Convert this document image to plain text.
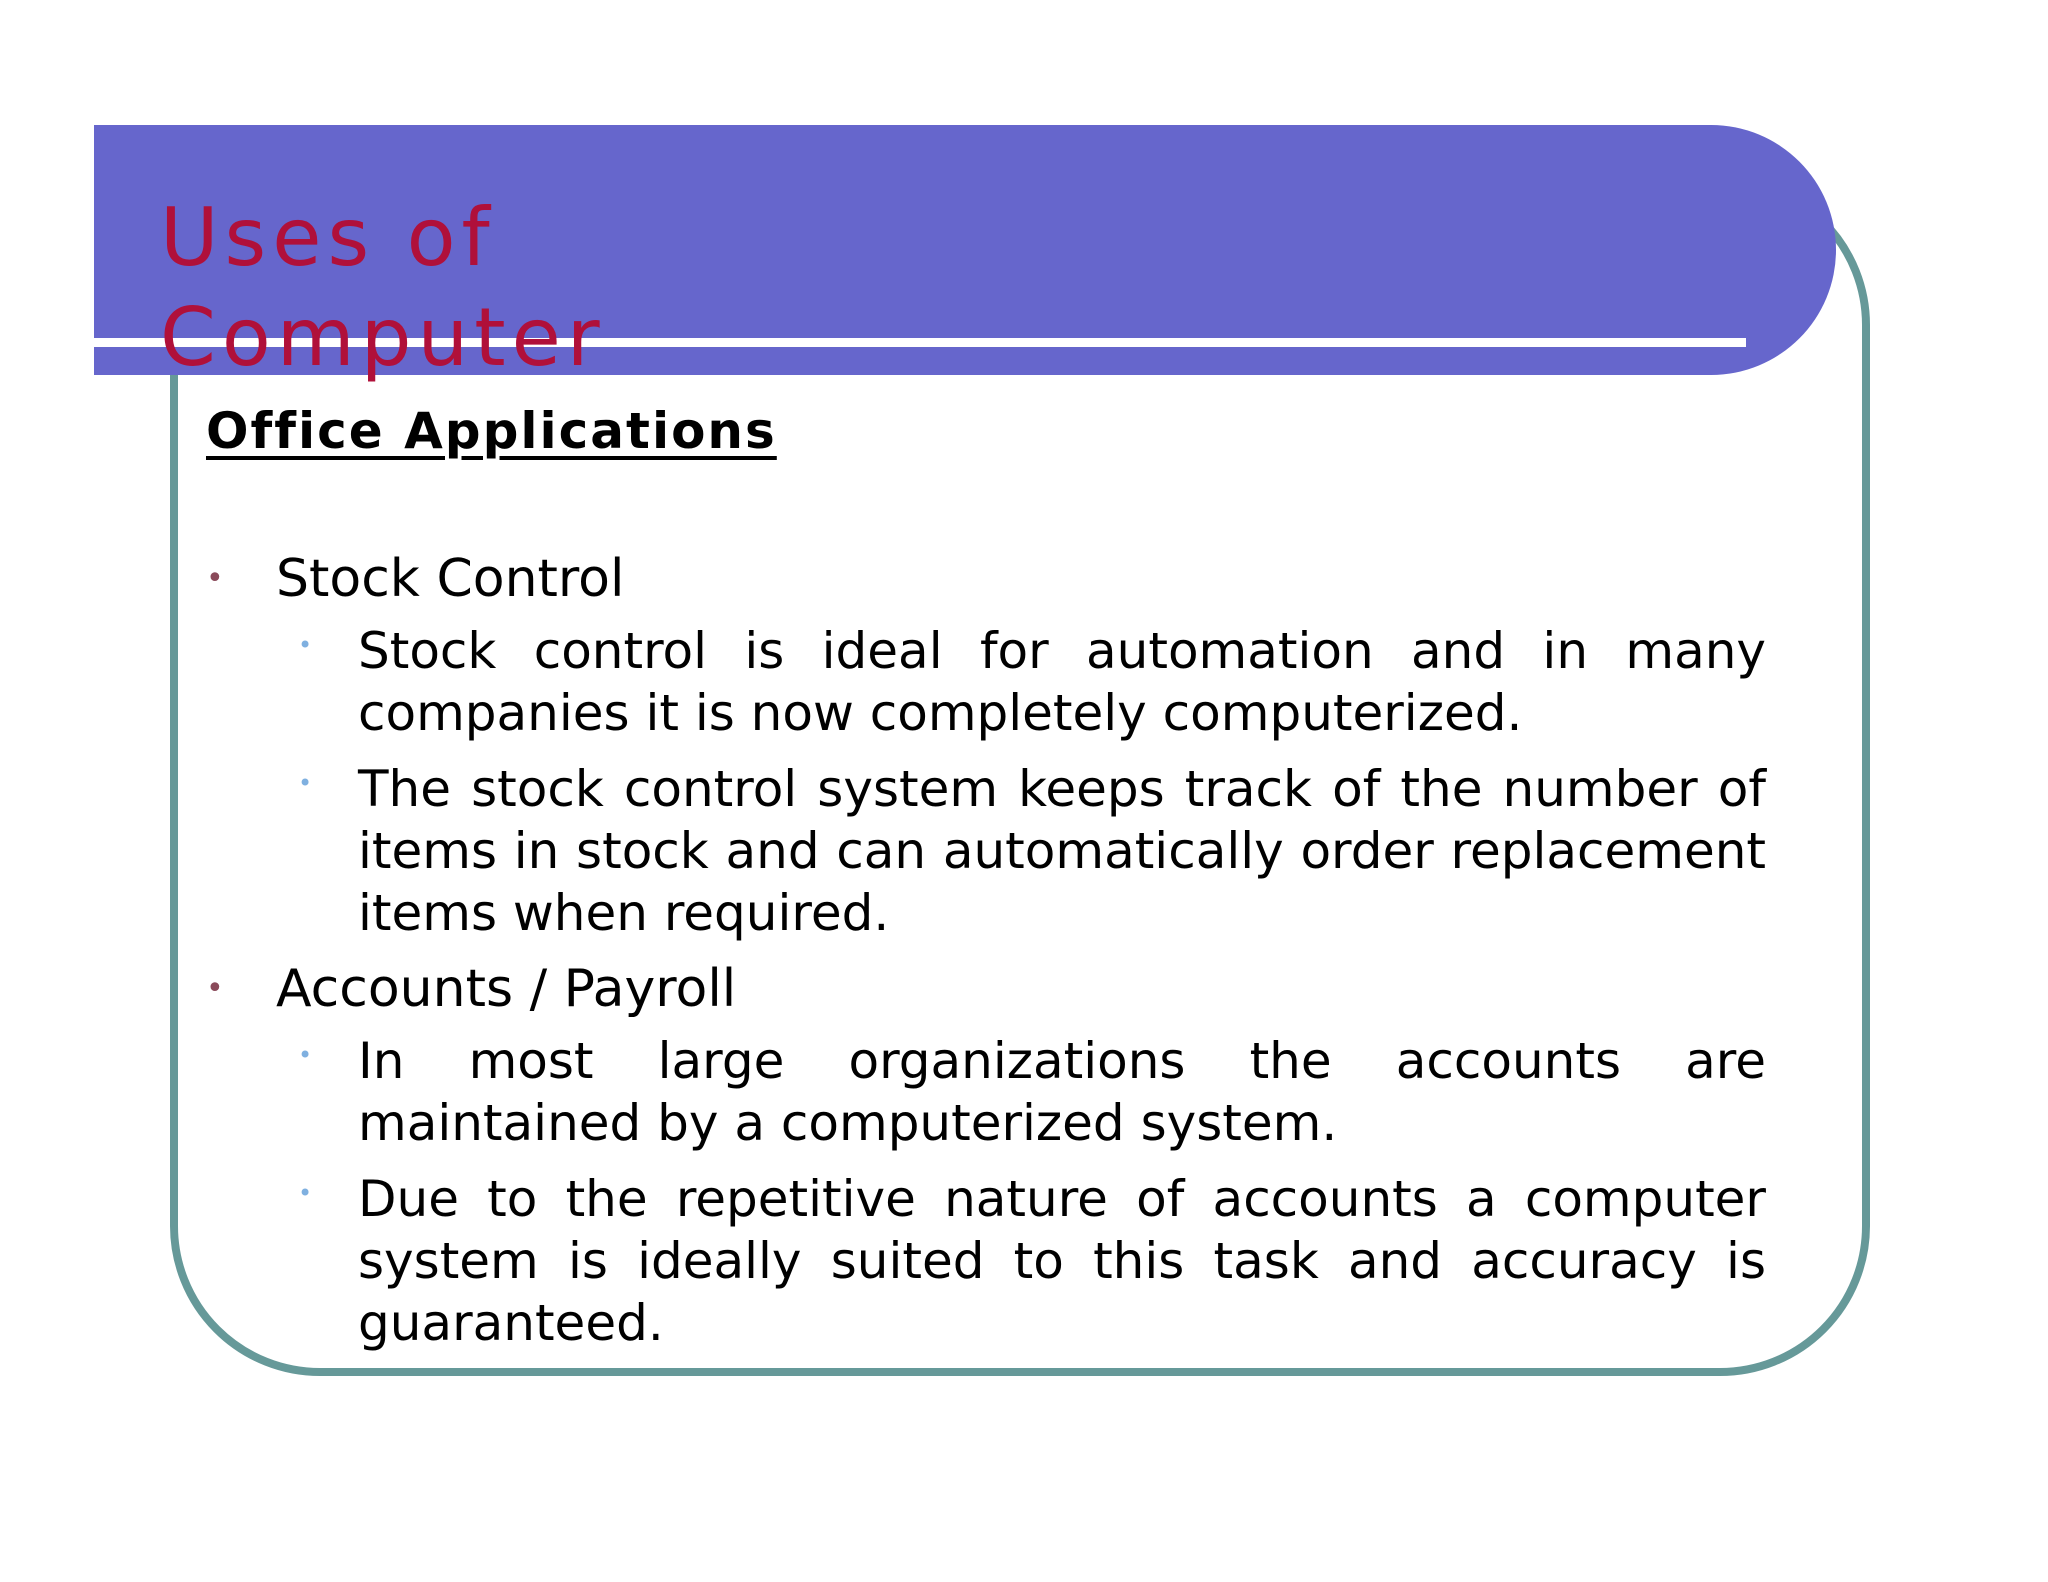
Uses of Computer
Office Applications
•	Stock Control
• Stock control is ideal for automation and in many companies it is now completely computerized.
• The stock control system keeps track of the number of items in stock and can automatically order replacement items when required.
•	Accounts / Payroll
• In most large organizations the accounts are maintained by a computerized system.
• Due to the repetitive nature of accounts a computer system is ideally suited to this task and accuracy is guaranteed.
